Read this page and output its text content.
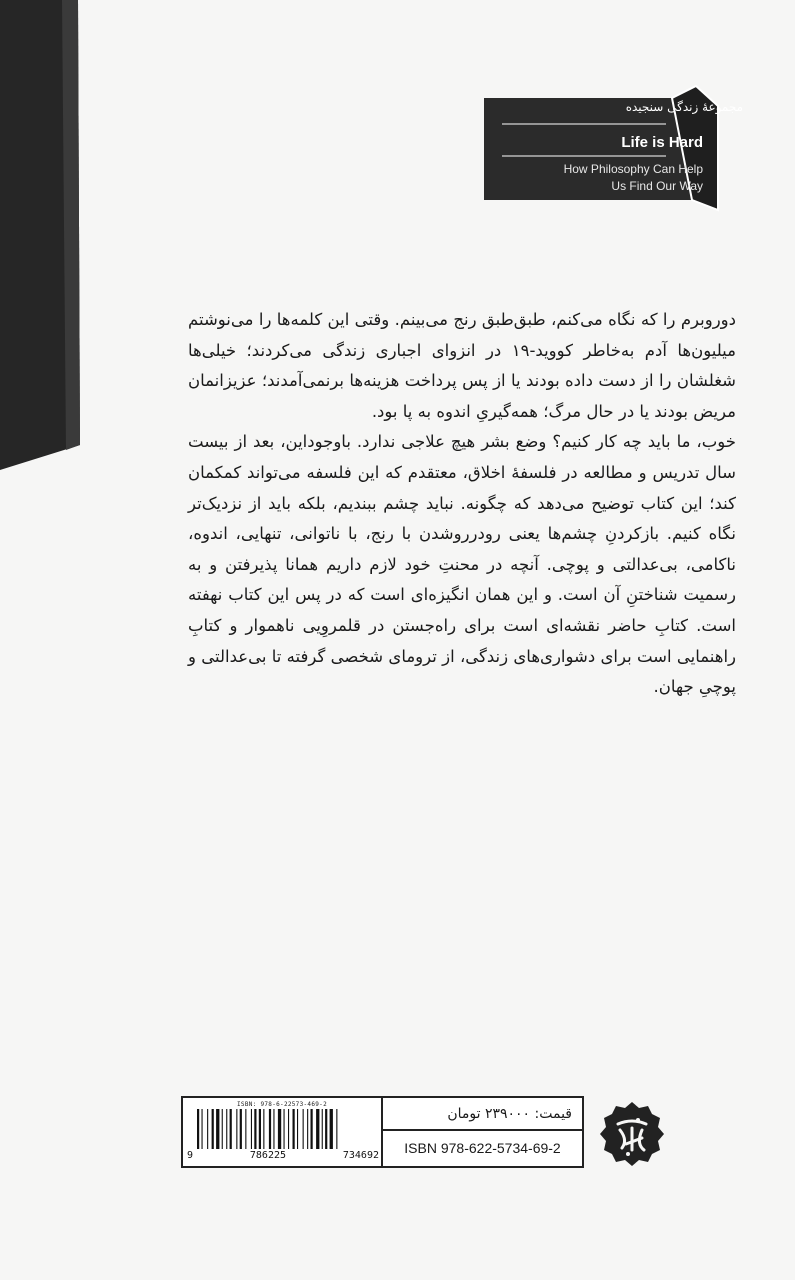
مجموعهٔ زندگی سنجیده
Life is Hard
How Philosophy Can Help
Us Find Our Way

دوروبرم را که نگاه می‌کنم، طبق‌طبق رنج می‌بینم. وقتی این کلمه‌ها را می‌نوشتم میلیون‌ها آدم به‌خاطر کووید-۱۹ در انزوای اجباری زندگی می‌کردند؛ خیلی‌ها شغلشان را از دست داده بودند یا از پس پرداخت هزینه‌ها برنمی‌آمدند؛ عزیزانمان مریض بودند یا در حال مرگ؛ همه‌گیریِ اندوه به پا بود.

خوب، ما باید چه کار کنیم؟ وضع بشر هیچ علاجی ندارد. باوجوداین، بعد از بیست سال تدریس و مطالعه در فلسفهٔ اخلاق، معتقدم که این فلسفه می‌تواند کمکمان کند؛ این کتاب توضیح می‌دهد که چگونه. نباید چشم ببندیم، بلکه باید از نزدیک‌تر نگاه کنیم. بازکردنِ چشم‌ها یعنی رودررو‌شدن با رنج، با ناتوانی، تنهایی، اندوه، ناکامی، بی‌عدالتی و پوچی. آنچه در محنتِ خود لازم داریم همانا پذیرفتن و به رسمیت شناختنِ آن است. و این همان انگیزه‌ای است که در پس این کتاب نهفته است. کتابِ حاضر نقشه‌ای است برای راه‌جستن در قلمروِیی ناهموار و کتابِ راهنمایی است برای دشواری‌های زندگی، از ترومای شخصی گرفته تا بی‌عدالتی و پوچیِ جهان.

ISBN: 978-6-22573-469-2
9	786225	734692
قیمت: ۲۳۹۰۰۰ تومان
ISBN 978-622-5734-69-2
